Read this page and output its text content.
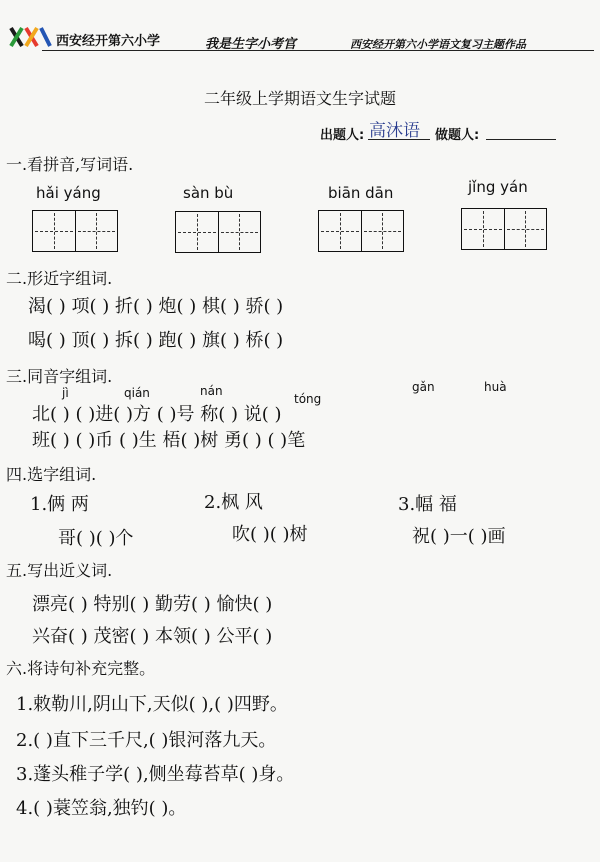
西安经开第六小学	我是生字小考官	西安经开第六小学语文复习主题作品
二年级上学期语文生字试题
出题人: 高沐语 做题人:
一.看拼音,写词语.
hǎi yáng	sàn bù	biān dān	jǐng yán
二.形近字组词.
渴( ) 项( ) 折( ) 炮( ) 棋( ) 骄( )
喝( ) 顶( ) 拆( ) 跑( ) 旗( ) 桥( )
三.同音字组词.
jì	qián	nán
tóng
gǎn	huà
北( ) ( )进( )方 ( )号 称( ) 说( )
班( ) ( )币 ( )生 梧( )树 勇( ) ( )笔
四.选字组词.
1.俩 两	2.枫 风	3.幅 福
哥( )( )个	吹( )( )树	祝( )一( )画
五.写出近义词.
漂亮( ) 特别( ) 勤劳( ) 愉快( )
兴奋( ) 茂密( ) 本领( ) 公平( )
六.将诗句补充完整。
1.敕勒川,阴山下,天似( ),( )四野。
2.( )直下三千尺,( )银河落九天。
3.蓬头稚子学( ),侧坐莓苔草( )身。
4.( )蓑笠翁,独钓( )。
